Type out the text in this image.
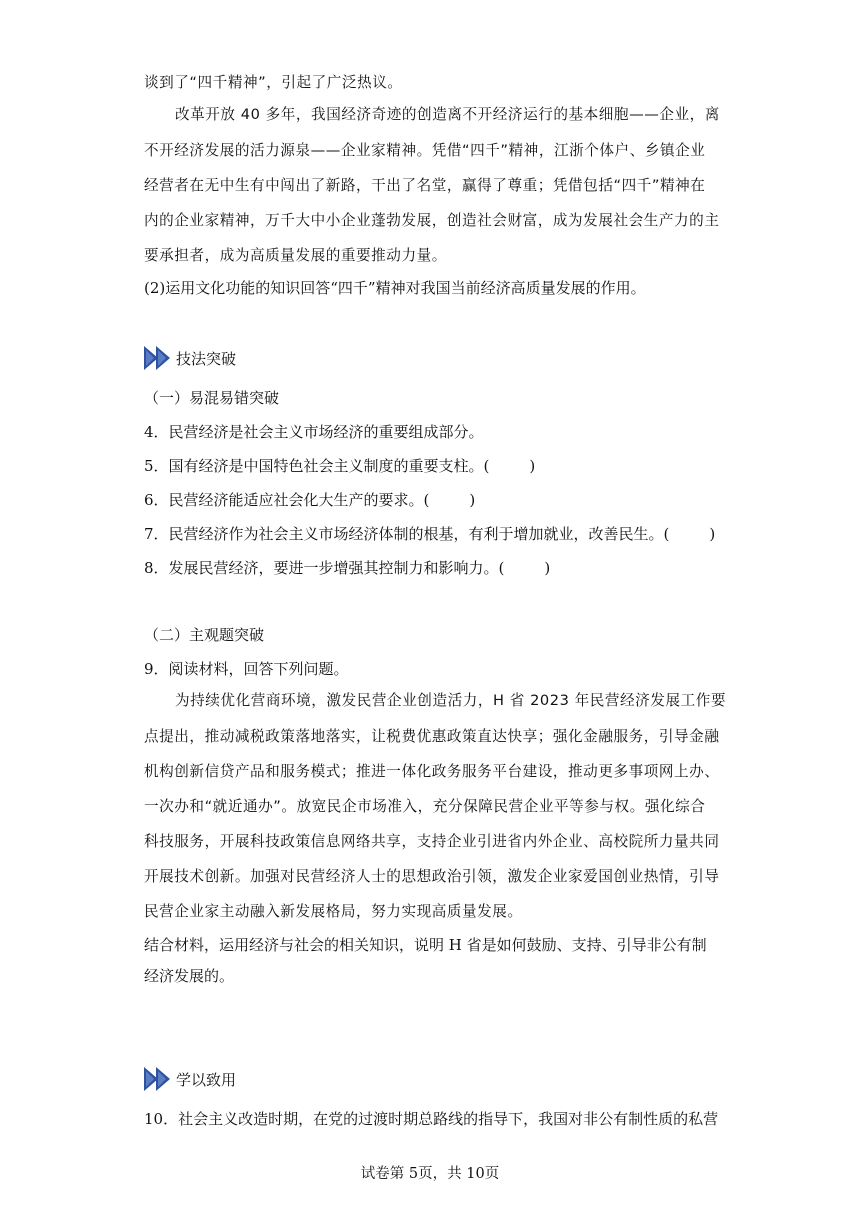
谈到了“四千精神”，引起了广泛热议。
改革开放 40 多年，我国经济奇迹的创造离不开经济运行的基本细胞——企业，离
不开经济发展的活力源泉——企业家精神。凭借“四千”精神，江浙个体户、乡镇企业
经营者在无中生有中闯出了新路，干出了名堂，赢得了尊重；凭借包括“四千”精神在
内的企业家精神，万千大中小企业蓬勃发展，创造社会财富，成为发展社会生产力的主
要承担者，成为高质量发展的重要推动力量。
(2)运用文化功能的知识回答“四千”精神对我国当前经济高质量发展的作用。
技法突破
（一）易混易错突破
4．民营经济是社会主义市场经济的重要组成部分。
5．国有经济是中国特色社会主义制度的重要支柱。(	)
6．民营经济能适应社会化大生产的要求。(	)
7．民营经济作为社会主义市场经济体制的根基，有利于增加就业，改善民生。(	)
8．发展民营经济，要进一步增强其控制力和影响力。(	)
（二）主观题突破
9．阅读材料，回答下列问题。
为持续优化营商环境，激发民营企业创造活力，H 省 2023 年民营经济发展工作要
点提出，推动减税政策落地落实，让税费优惠政策直达快享；强化金融服务，引导金融
机构创新信贷产品和服务模式；推进一体化政务服务平台建设，推动更多事项网上办、
一次办和“就近通办”。放宽民企市场准入，充分保障民营企业平等参与权。强化综合
科技服务，开展科技政策信息网络共享，支持企业引进省内外企业、高校院所力量共同
开展技术创新。加强对民营经济人士的思想政治引领，激发企业家爱国创业热情，引导
民营企业家主动融入新发展格局，努力实现高质量发展。
结合材料，运用经济与社会的相关知识，说明 H 省是如何鼓励、支持、引导非公有制
经济发展的。
学以致用
10．社会主义改造时期，在党的过渡时期总路线的指导下，我国对非公有制性质的私营
试卷第 5页，共 10页
